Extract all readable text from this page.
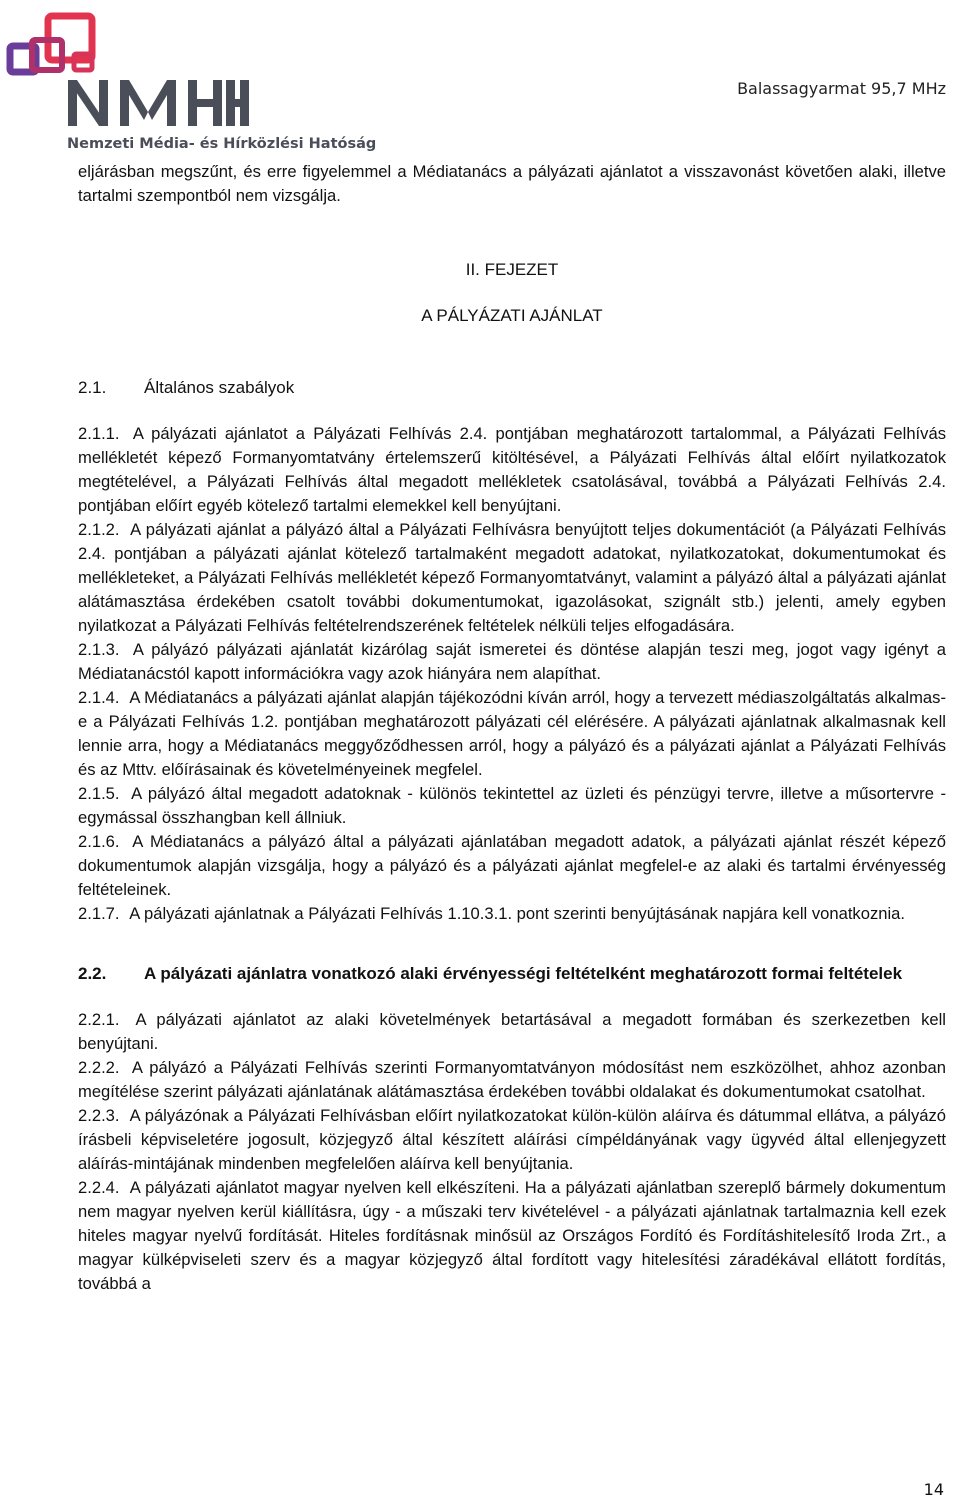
Nemzeti Média- és Hírközlési Hatóság
Balassagyarmat 95,7 MHz

eljárásban megszűnt, és erre figyelemmel a Médiatanács a pályázati ajánlatot a visszavonást követően alaki, illetve tartalmi szempontból nem vizsgálja.

II. FEJEZET

A PÁLYÁZATI AJÁNLAT

2.1.	Általános szabályok

2.1.1. A pályázati ajánlatot a Pályázati Felhívás 2.4. pontjában meghatározott tartalommal, a Pályázati Felhívás mellékletét képező Formanyomtatvány értelemszerű kitöltésével, a Pályázati Felhívás által előírt nyilatkozatok megtételével, a Pályázati Felhívás által megadott mellékletek csatolásával, továbbá a Pályázati Felhívás 2.4. pontjában előírt egyéb kötelező tartalmi elemekkel kell benyújtani.

2.1.2. A pályázati ajánlat a pályázó által a Pályázati Felhívásra benyújtott teljes dokumentációt (a Pályázati Felhívás 2.4. pontjában a pályázati ajánlat kötelező tartalmaként megadott adatokat, nyilatkozatokat, dokumentumokat és mellékleteket, a Pályázati Felhívás mellékletét képező Formanyomtatványt, valamint a pályázó által a pályázati ajánlat alátámasztása érdekében csatolt további dokumentumokat, igazolásokat, szignált stb.) jelenti, amely egyben nyilatkozat a Pályázati Felhívás feltételrendszerének feltételek nélküli teljes elfogadására.

2.1.3. A pályázó pályázati ajánlatát kizárólag saját ismeretei és döntése alapján teszi meg, jogot vagy igényt a Médiatanácstól kapott információkra vagy azok hiányára nem alapíthat.

2.1.4. A Médiatanács a pályázati ajánlat alapján tájékozódni kíván arról, hogy a tervezett médiaszolgáltatás alkalmas-e a Pályázati Felhívás 1.2. pontjában meghatározott pályázati cél elérésére. A pályázati ajánlatnak alkalmasnak kell lennie arra, hogy a Médiatanács meggyőződhessen arról, hogy a pályázó és a pályázati ajánlat a Pályázati Felhívás és az Mttv. előírásainak és követelményeinek megfelel.

2.1.5. A pályázó által megadott adatoknak - különös tekintettel az üzleti és pénzügyi tervre, illetve a műsortervre - egymással összhangban kell állniuk.

2.1.6. A Médiatanács a pályázó által a pályázati ajánlatában megadott adatok, a pályázati ajánlat részét képező dokumentumok alapján vizsgálja, hogy a pályázó és a pályázati ajánlat megfelel-e az alaki és tartalmi érvényesség feltételeinek.

2.1.7. A pályázati ajánlatnak a Pályázati Felhívás 1.10.3.1. pont szerinti benyújtásának napjára kell vonatkoznia.

2.2. A pályázati ajánlatra vonatkozó alaki érvényességi feltételként meghatározott formai feltételek

2.2.1. A pályázati ajánlatot az alaki követelmények betartásával a megadott formában és szerkezetben kell benyújtani.

2.2.2. A pályázó a Pályázati Felhívás szerinti Formanyomtatványon módosítást nem eszközölhet, ahhoz azonban megítélése szerint pályázati ajánlatának alátámasztása érdekében további oldalakat és dokumentumokat csatolhat.

2.2.3. A pályázónak a Pályázati Felhívásban előírt nyilatkozatokat külön-külön aláírva és dátummal ellátva, a pályázó írásbeli képviseletére jogosult, közjegyző által készített aláírási címpéldányának vagy ügyvéd által ellenjegyzett aláírás-mintájának mindenben megfelelően aláírva kell benyújtania.

2.2.4. A pályázati ajánlatot magyar nyelven kell elkészíteni. Ha a pályázati ajánlatban szereplő bármely dokumentum nem magyar nyelven kerül kiállításra, úgy - a műszaki terv kivételével - a pályázati ajánlatnak tartalmaznia kell ezek hiteles magyar nyelvű fordítását. Hiteles fordításnak minősül az Országos Fordító és Fordításhitelesítő Iroda Zrt., a magyar külképviseleti szerv és a magyar közjegyző által fordított vagy hitelesítési záradékával ellátott fordítás, továbbá a

14
